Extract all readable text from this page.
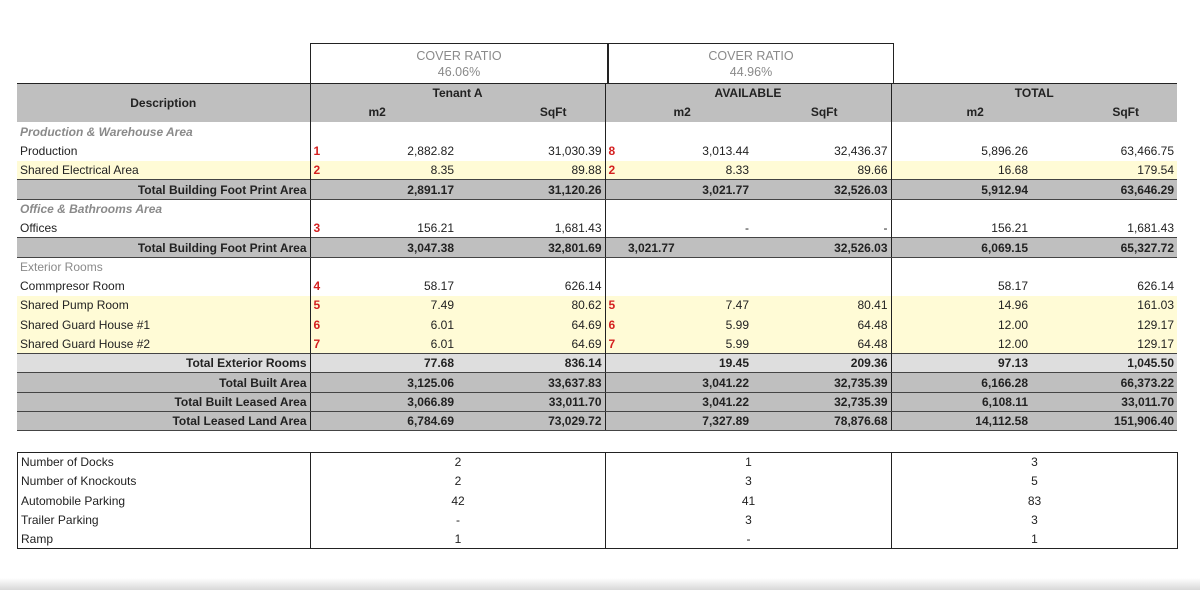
COVER RATIO
46.06%
COVER RATIO
44.96%
Description	Tenant A			AVAILABLE			TOTAL	

	m2 SqFt			m2 SqFt			m2 SqFt	

Production & Warehouse Area								
Production	1	2,882.82	31,030.39	8	3,013.44	32,436.37	5,896.26	63,466.75
Shared Electrical Area	2	8.35	89.88	2	8.33	89.66	16.68	179.54
Total Building Foot Print Area		2,891.17	31,120.26		3,021.77	32,526.03	5,912.94	63,646.29
Office & Bathrooms Area								
Offices	3	156.21	1,681.43		-	-	156.21	1,681.43
Total Building Foot Print Area		3,047.38	32,801.69		3,021.77	32,526.03	6,069.15	65,327.72
Exterior Rooms								
Commpresor Room	4	58.17	626.14				58.17	626.14
Shared Pump Room	5	7.49	80.62	5	7.47	80.41	14.96	161.03
Shared Guard House #1	6	6.01	64.69	6	5.99	64.48	12.00	129.17
Shared Guard House #2	7	6.01	64.69	7	5.99	64.48	12.00	129.17
Total Exterior Rooms		77.68	836.14		19.45	209.36	97.13	1,045.50
Total Built Area		3,125.06	33,637.83		3,041.22	32,735.39	6,166.28	66,373.22
Total Built Leased Area		3,066.89	33,011.70		3,041.22	32,735.39	6,108.11	33,011.70
Total Leased Land Area		6,784.69	73,029.72		7,327.89	78,876.68	14,112.58	151,906.40
Number of Docks	2	1	3
Number of Knockouts	2	3	5
Automobile Parking	42	41	83
Trailer Parking	-	3	3
Ramp	1	-	1
